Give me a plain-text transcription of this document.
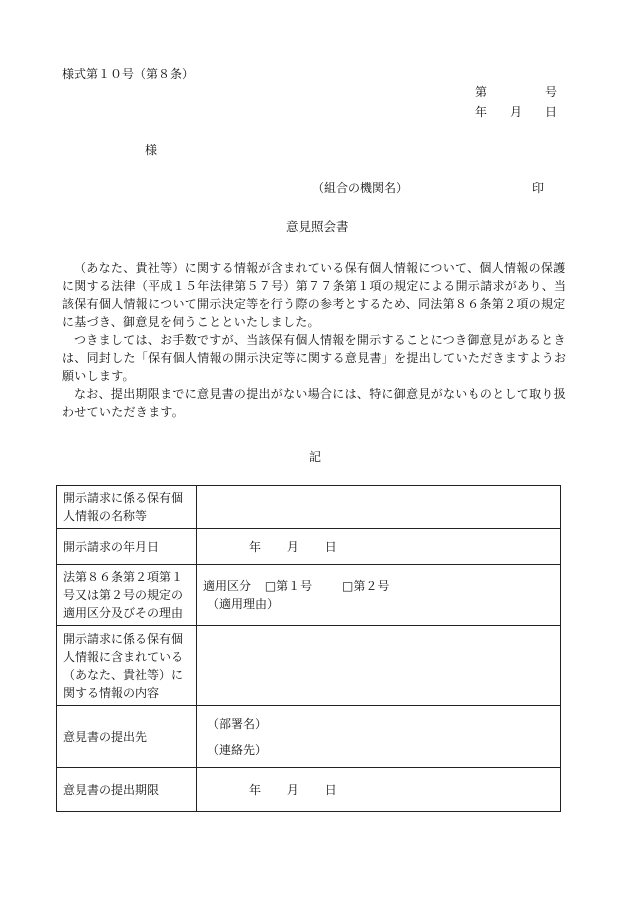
様式第１０号（第８条）
第	号
年 月 日
様
（組合の機関名）	印
意見照会書
（あなた、貴社等）に関する情報が含まれている保有個人情報について、個人情報の保護に関する法律（平成１５年法律第５７号）第７７条第１項の規定による開示請求があり、当該保有個人情報について開示決定等を行う際の参考とするため、同法第８６条第２項の規定に基づき、御意見を伺うことといたしました。
つきましては、お手数ですが、当該保有個人情報を開示することにつき御意見があるときは、同封した「保有個人情報の開示決定等に関する意見書」を提出していただきますようお願いします。
なお、提出期限までに意見書の提出がない場合には、特に御意見がないものとして取り扱わせていただきます。
記
開示請求に係る保有個人情報の名称等	
開示請求の年月日	年 月 日
法第８６条第２項第１号又は第２号の規定の適用区分及びその理由	適用区分 □第１号 □第２号
（適用理由）

開示請求に係る保有個人情報に含まれている（あなた、貴社等）に関する情報の内容	
意見書の提出先	（部署名）
（連絡先）

意見書の提出期限	年 月 日
